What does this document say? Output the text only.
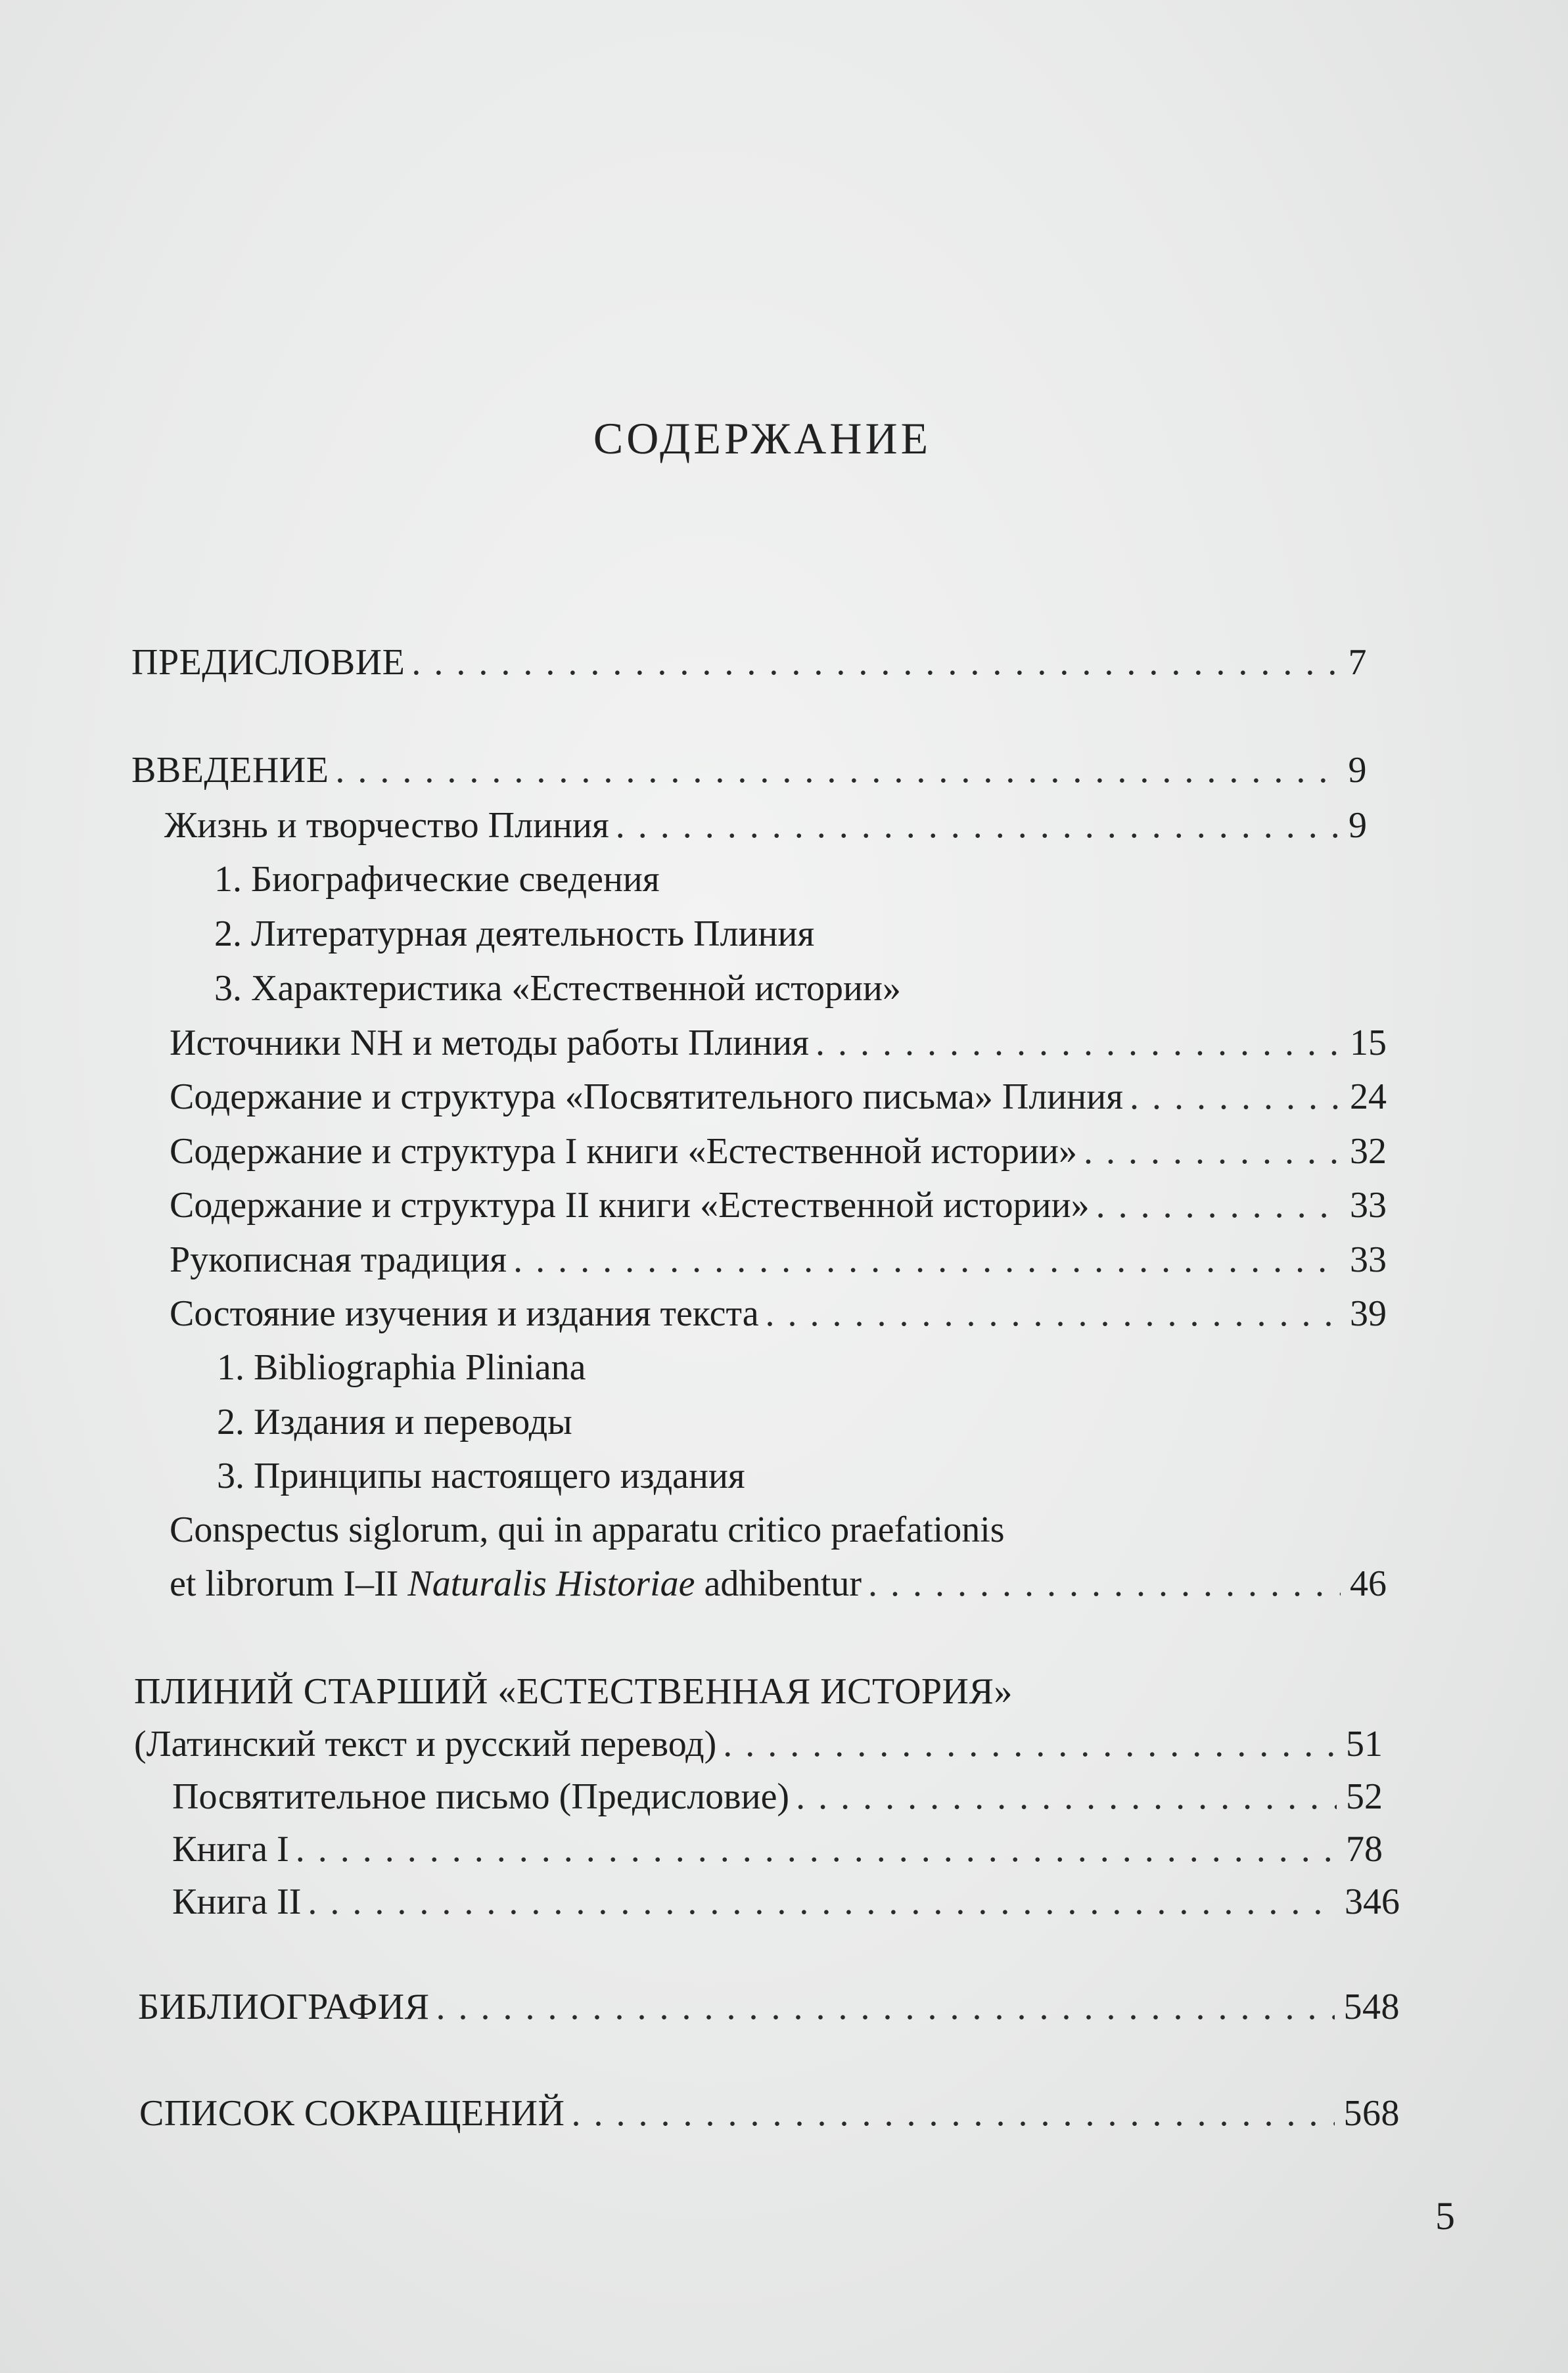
СОДЕРЖАНИЕ
ПРЕДИСЛОВИЕ . . .	7
ВВЕДЕНИЕ . . .	9
Жизнь и творчество Плиния . . .	9
1. Биографические сведения
2. Литературная деятельность Плиния
3. Характеристика «Естественной истории»
Источники NH и методы работы Плиния . . .	15
Содержание и структура «Посвятительного письма» Плиния . . .	24
Содержание и структура I книги «Естественной истории» . . .	32
Содержание и структура II книги «Естественной истории» . . .	33
Рукописная традиция . . .	33
Состояние изучения и издания текста . . .	39
1. Bibliographia Pliniana
2. Издания и переводы
3. Принципы настоящего издания
Conspectus siglorum, qui in apparatu critico praefationis
et librorum I–II Naturalis Historiae adhibentur . . .	46
ПЛИНИЙ СТАРШИЙ «ЕСТЕСТВЕННАЯ ИСТОРИЯ»
(Латинский текст и русский перевод) . . .	51
Посвятительное письмо (Предисловие) . . .	52
Книга I . . .	78
Книга II . . .	346
БИБЛИОГРАФИЯ . . .	548
СПИСОК СОКРАЩЕНИЙ . . .	568
5
